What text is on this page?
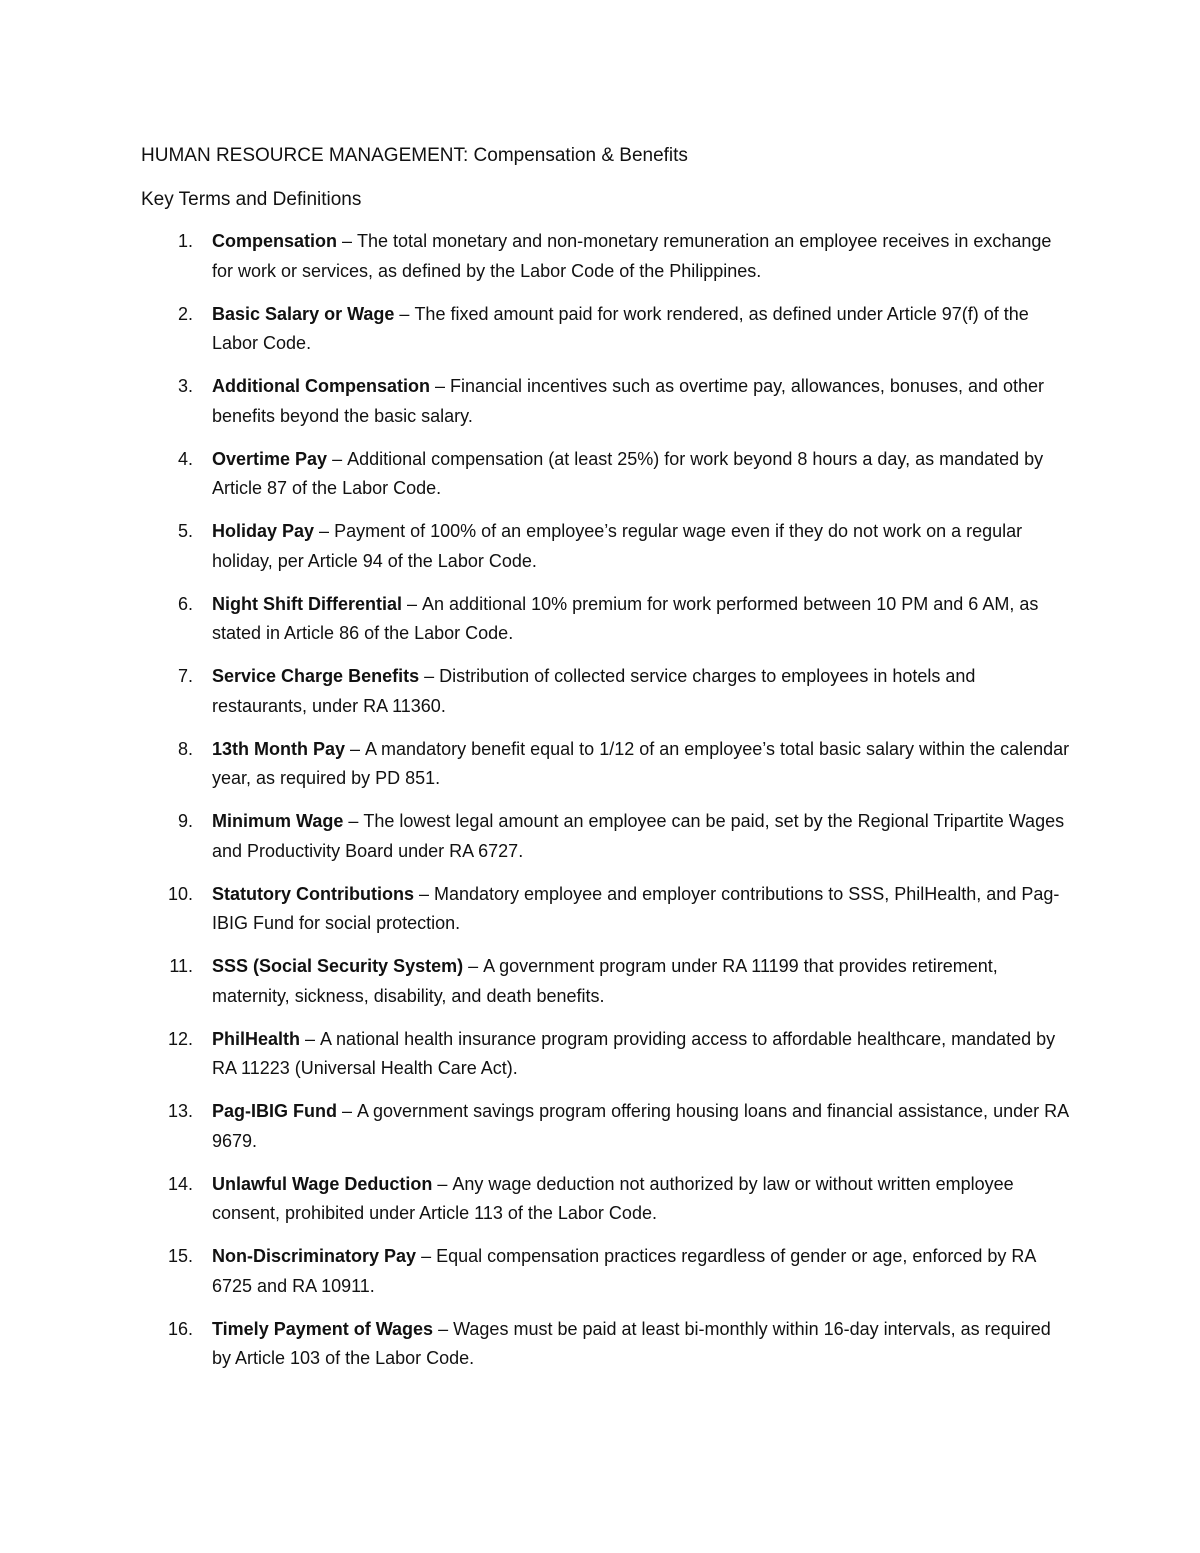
HUMAN RESOURCE MANAGEMENT: Compensation & Benefits
Key Terms and Definitions
1.	Compensation – The total monetary and non-monetary remuneration an employee receives in exchange for work or services, as defined by the Labor Code of the Philippines.
2.	Basic Salary or Wage – The fixed amount paid for work rendered, as defined under Article 97(f) of the Labor Code.
3.	Additional Compensation – Financial incentives such as overtime pay, allowances, bonuses, and other benefits beyond the basic salary.
4.	Overtime Pay – Additional compensation (at least 25%) for work beyond 8 hours a day, as mandated by Article 87 of the Labor Code.
5.	Holiday Pay – Payment of 100% of an employee’s regular wage even if they do not work on a regular holiday, per Article 94 of the Labor Code.
6.	Night Shift Differential – An additional 10% premium for work performed between 10 PM and 6 AM, as stated in Article 86 of the Labor Code.
7.	Service Charge Benefits – Distribution of collected service charges to employees in hotels and restaurants, under RA 11360.
8.	13th Month Pay – A mandatory benefit equal to 1/12 of an employee’s total basic salary within the calendar year, as required by PD 851.
9.	Minimum Wage – The lowest legal amount an employee can be paid, set by the Regional Tripartite Wages and Productivity Board under RA 6727.
10.	Statutory Contributions – Mandatory employee and employer contributions to SSS, PhilHealth, and Pag-IBIG Fund for social protection.
11.	SSS (Social Security System) – A government program under RA 11199 that provides retirement, maternity, sickness, disability, and death benefits.
12.	PhilHealth – A national health insurance program providing access to affordable healthcare, mandated by RA 11223 (Universal Health Care Act).
13.	Pag-IBIG Fund – A government savings program offering housing loans and financial assistance, under RA 9679.
14.	Unlawful Wage Deduction – Any wage deduction not authorized by law or without written employee consent, prohibited under Article 113 of the Labor Code.
15.	Non-Discriminatory Pay – Equal compensation practices regardless of gender or age, enforced by RA 6725 and RA 10911.
16.	Timely Payment of Wages – Wages must be paid at least bi-monthly within 16-day intervals, as required by Article 103 of the Labor Code.
